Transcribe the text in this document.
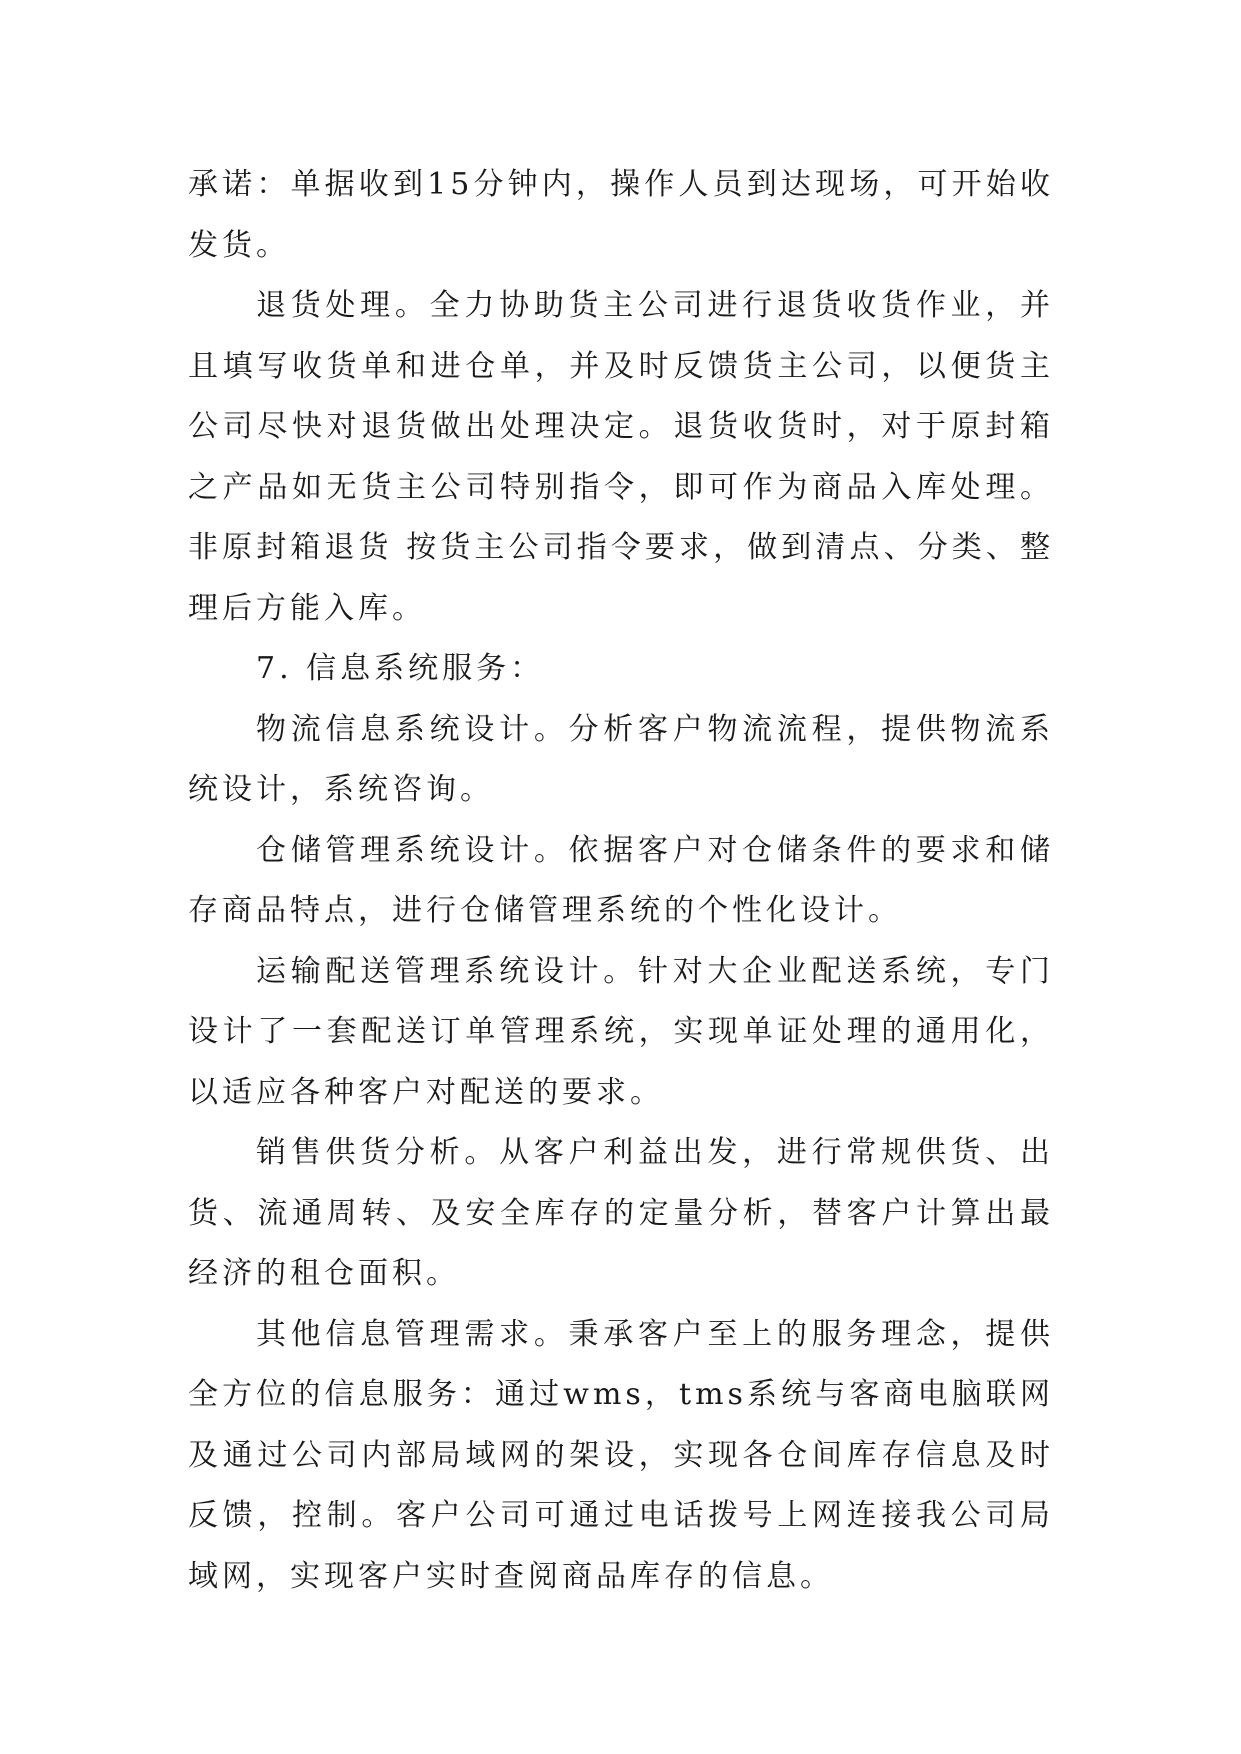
承诺：单据收到15分钟内，操作人员到达现场，可开始收发货。

退货处理。全力协助货主公司进行退货收货作业，并且填写收货单和进仓单，并及时反馈货主公司，以便货主公司尽快对退货做出处理决定。退货收货时，对于原封箱之产品如无货主公司特别指令，即可作为商品入库处理。非原封箱退货 按货主公司指令要求，做到清点、分类、整理后方能入库。

7. 信息系统服务：

物流信息系统设计。分析客户物流流程，提供物流系统设计，系统咨询。

仓储管理系统设计。依据客户对仓储条件的要求和储存商品特点，进行仓储管理系统的个性化设计。

运输配送管理系统设计。针对大企业配送系统，专门设计了一套配送订单管理系统，实现单证处理的通用化，以适应各种客户对配送的要求。

销售供货分析。从客户利益出发，进行常规供货、出货、流通周转、及安全库存的定量分析，替客户计算出最经济的租仓面积。

其他信息管理需求。秉承客户至上的服务理念，提供全方位的信息服务：通过wms，tms系统与客商电脑联网及通过公司内部局域网的架设，实现各仓间库存信息及时反馈，控制。客户公司可通过电话拨号上网连接我公司局域网，实现客户实时查阅商品库存的信息。
